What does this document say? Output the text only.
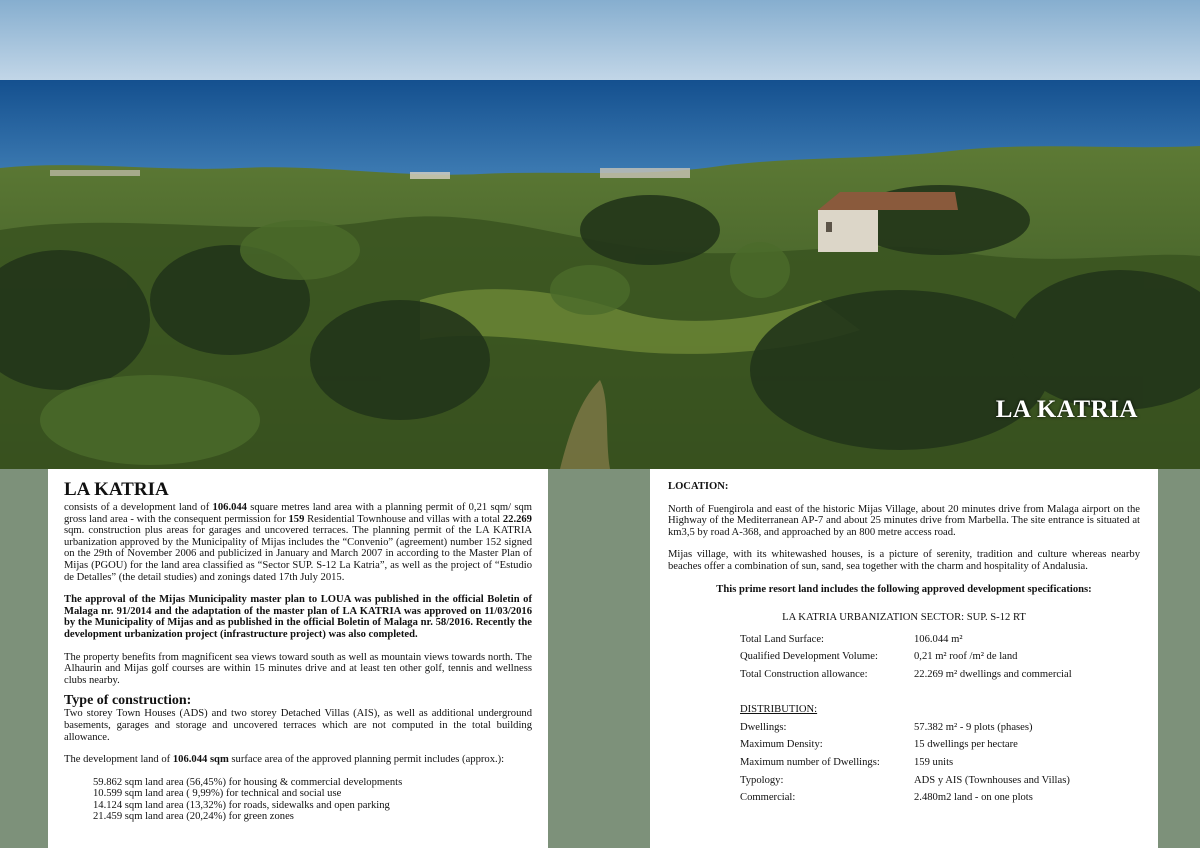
LA KATRIA
LA KATRIA

consists of a development land of 106.044 square metres land area with a planning permit of 0,21 sqm/ sqm gross land area - with the consequent permission for 159 Residential Townhouse and villas with a total 22.269 sqm. construction plus areas for garages and uncovered terraces. The planning permit of the LA KATRIA urbanization approved by the Municipality of Mijas includes the “Convenio” (agreement) number 152 signed on the 29th of November 2006 and publicized in January and March 2007 in according to the Master Plan of Mijas (PGOU) for the land area classified as “Sector SUP. S-12 La Katria”, as well as the project of “Estudio de Detalles” (the detail studies) and zonings dated 17th July 2015.

The approval of the Mijas Municipality master plan to LOUA was published in the official Boletin of Malaga nr. 91/2014 and the adaptation of the master plan of LA KATRIA was approved on 11/03/2016 by the Municipality of Mijas and as published in the official Boletin of Malaga nr. 58/2016. Recently the development urbanization project (infrastructure project) was also completed.

The property benefits from magnificent sea views toward south as well as mountain views towards north. The Alhaurin and Mijas golf courses are within 15 minutes drive and at least ten other golf, tennis and wellness clubs nearby.

Type of construction:

Two storey Town Houses (ADS) and two storey Detached Villas (AIS), as well as additional underground basements, garages and storage and uncovered terraces which are not computed in the total building allowance.

The development land of 106.044 sqm surface area of the approved planning permit includes (approx.):

59.862 sqm land area (56,45%) for housing & commercial developments
10.599 sqm land area ( 9,99%) for technical and social use
14.124 sqm land area (13,32%) for roads, sidewalks and open parking
21.459 sqm land area (20,24%) for green zones
LOCATION:

North of Fuengirola and east of the historic Mijas Village, about 20 minutes drive from Malaga airport on the Highway of the Mediterranean AP-7 and about 25 minutes drive from Marbella. The site entrance is situated at km3,5 by road A-368, and approached by an 800 metre access road.

Mijas village, with its whitewashed houses, is a picture of serenity, tradition and culture whereas nearby beaches offer a combination of sun, sand, sea together with the charm and hospitality of Andalusia.

This prime resort land includes the following approved development specifications:
LA KATRIA URBANIZATION SECTOR: SUP. S-12 RT
Total Land Surface:	106.044 m²
Qualified Development Volume:	0,21 m² roof /m² de land
Total Construction allowance:	22.269 m² dwellings and commercial

DISTRIBUTION:	
Dwellings:	57.382 m² - 9 plots (phases)
Maximum Density:	15 dwellings per hectare
Maximum number of Dwellings:	159 units
Typology:	ADS y AIS (Townhouses and Villas)
Commercial:	2.480m2 land - on one plots
